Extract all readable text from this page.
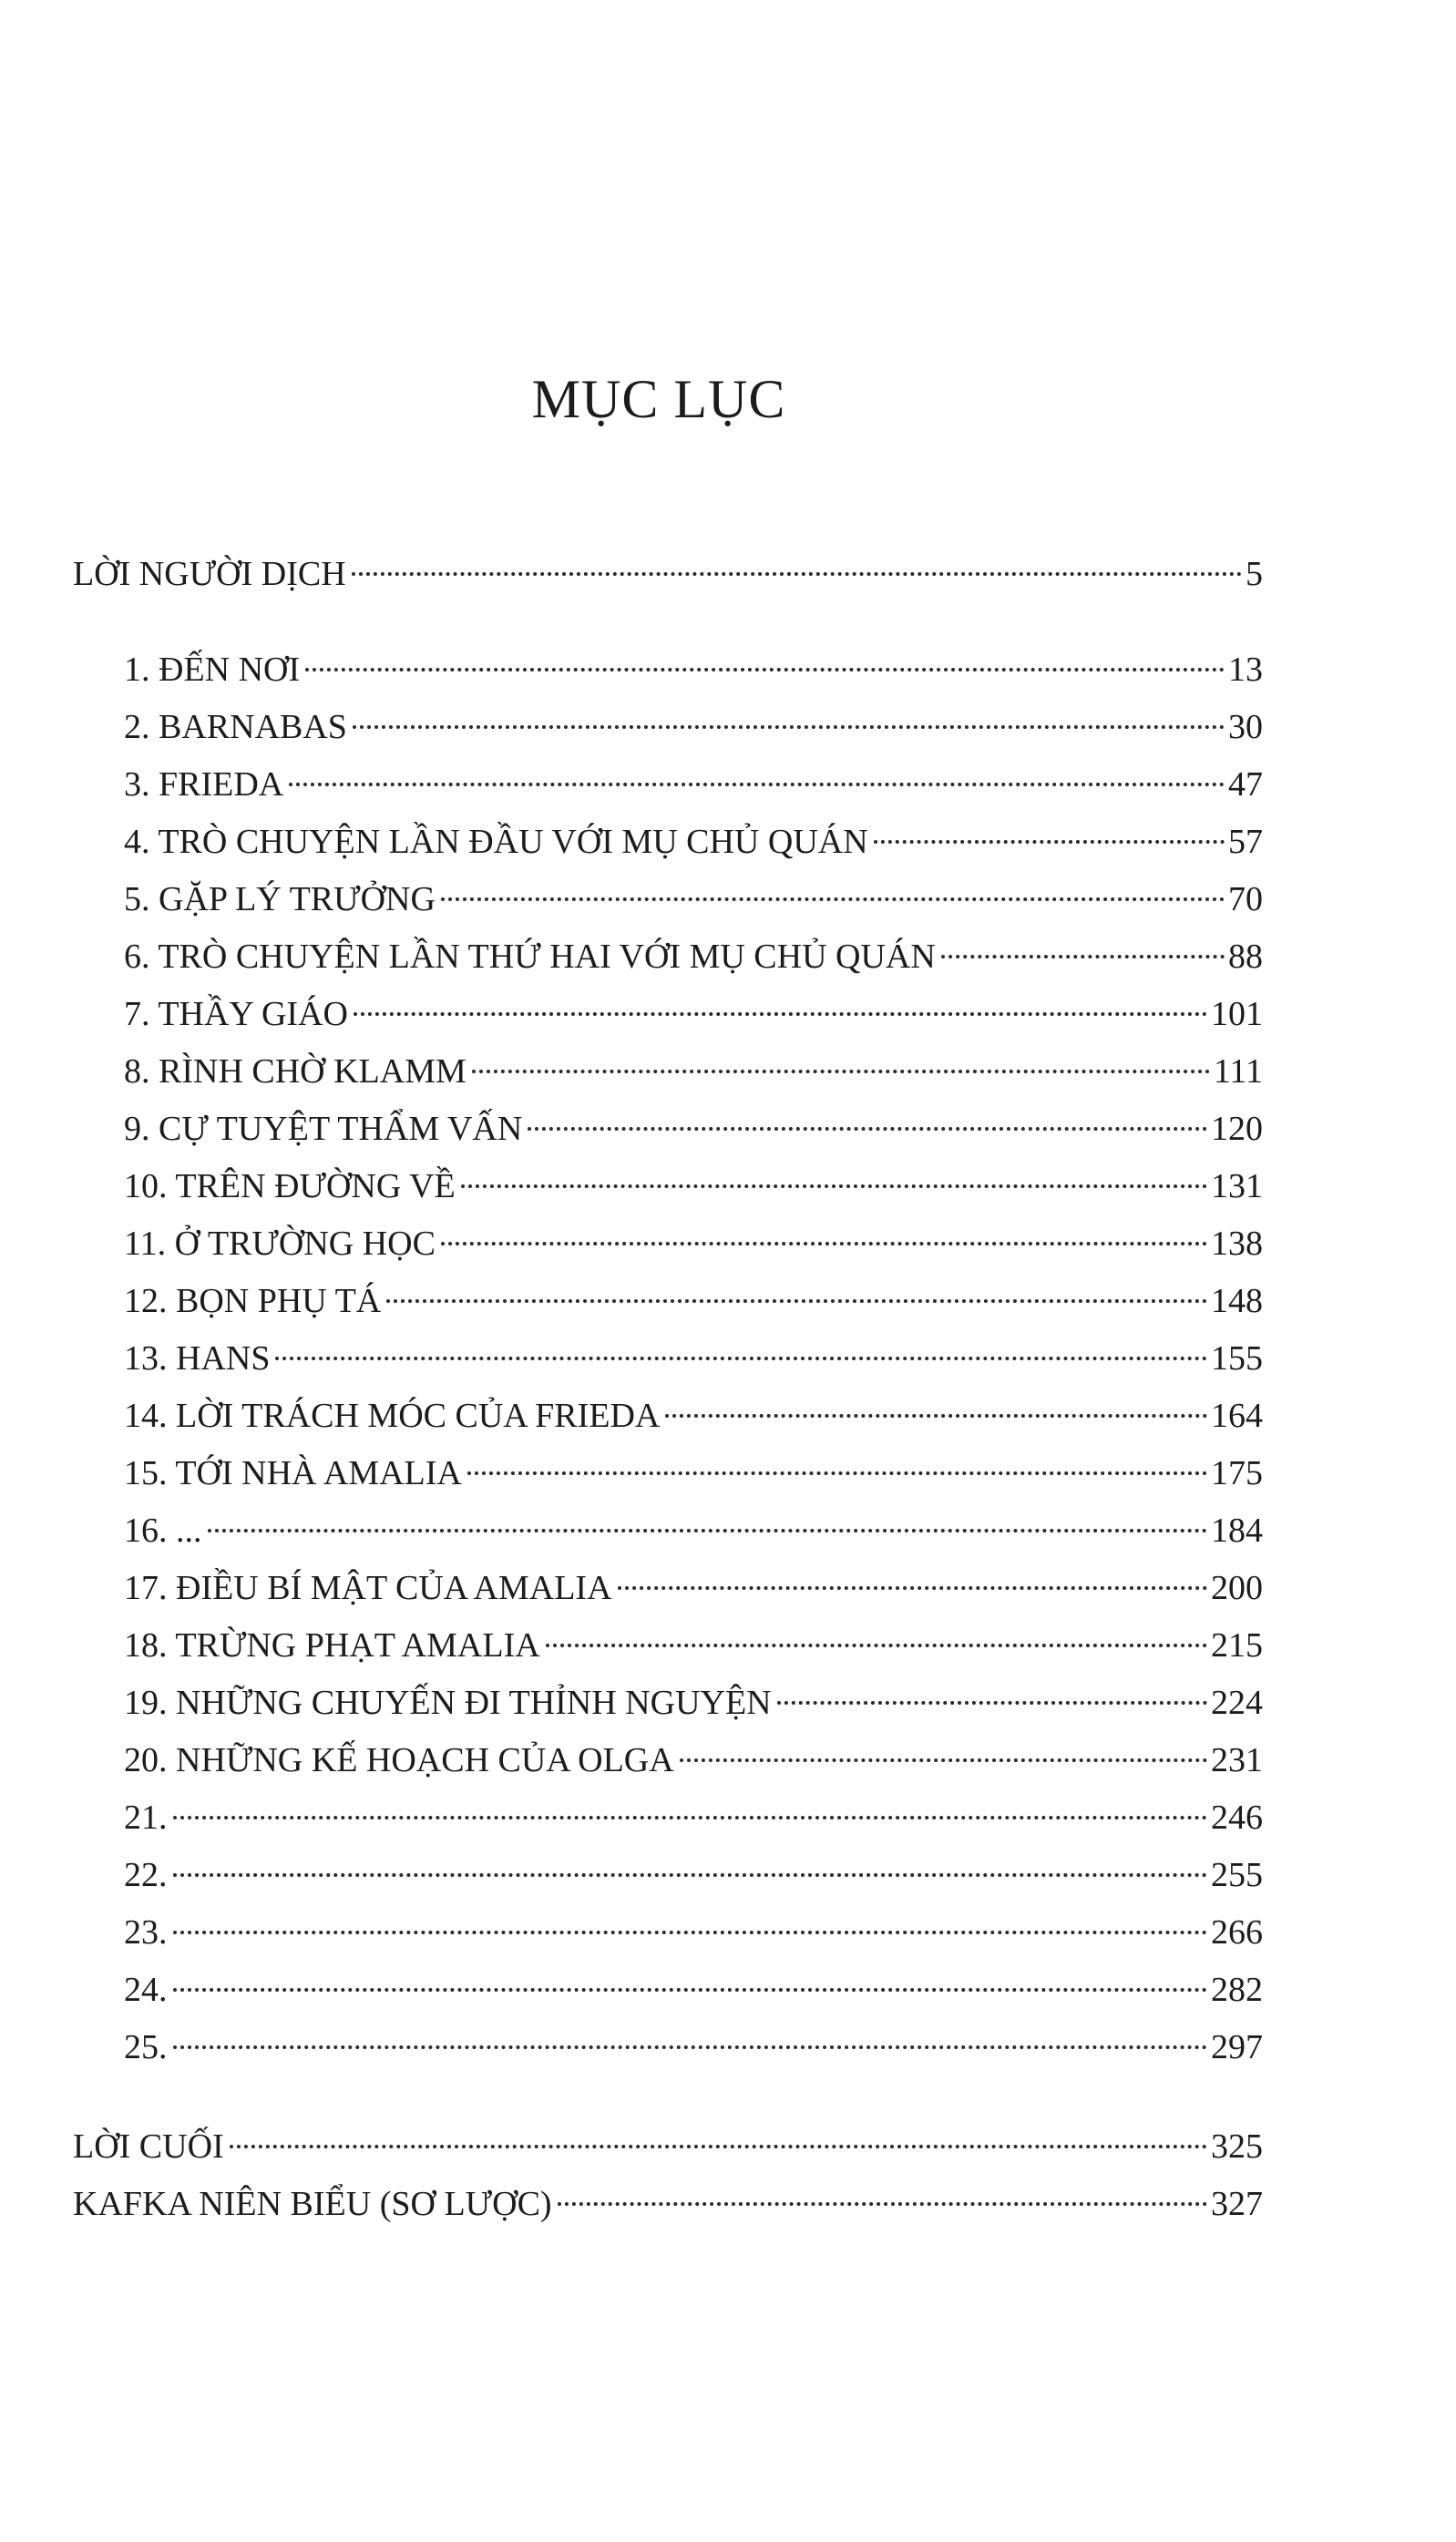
MỤC LỤC
LỜI NGƯỜI DỊCH	5
1. ĐẾN NƠI	13
2. BARNABAS	30
3. FRIEDA	47
4. TRÒ CHUYỆN LẦN ĐẦU VỚI MỤ CHỦ QUÁN	57
5. GẶP LÝ TRƯỞNG	70
6. TRÒ CHUYỆN LẦN THỨ HAI VỚI MỤ CHỦ QUÁN	88
7. THẦY GIÁO	101
8. RÌNH CHỜ KLAMM	111
9. CỰ TUYỆT THẨM VẤN	120
10. TRÊN ĐƯỜNG VỀ	131
11. Ở TRƯỜNG HỌC	138
12. BỌN PHỤ TÁ	148
13. HANS	155
14. LỜI TRÁCH MÓC CỦA FRIEDA	164
15. TỚI NHÀ AMALIA	175
16. ...	184
17. ĐIỀU BÍ MẬT CỦA AMALIA	200
18. TRỪNG PHẠT AMALIA	215
19. NHỮNG CHUYẾN ĐI THỈNH NGUYỆN	224
20. NHỮNG KẾ HOẠCH CỦA OLGA	231
21.	246
22.	255
23.	266
24.	282
25.	297
LỜI CUỐI	325
KAFKA NIÊN BIỂU (SƠ LƯỢC)	327
